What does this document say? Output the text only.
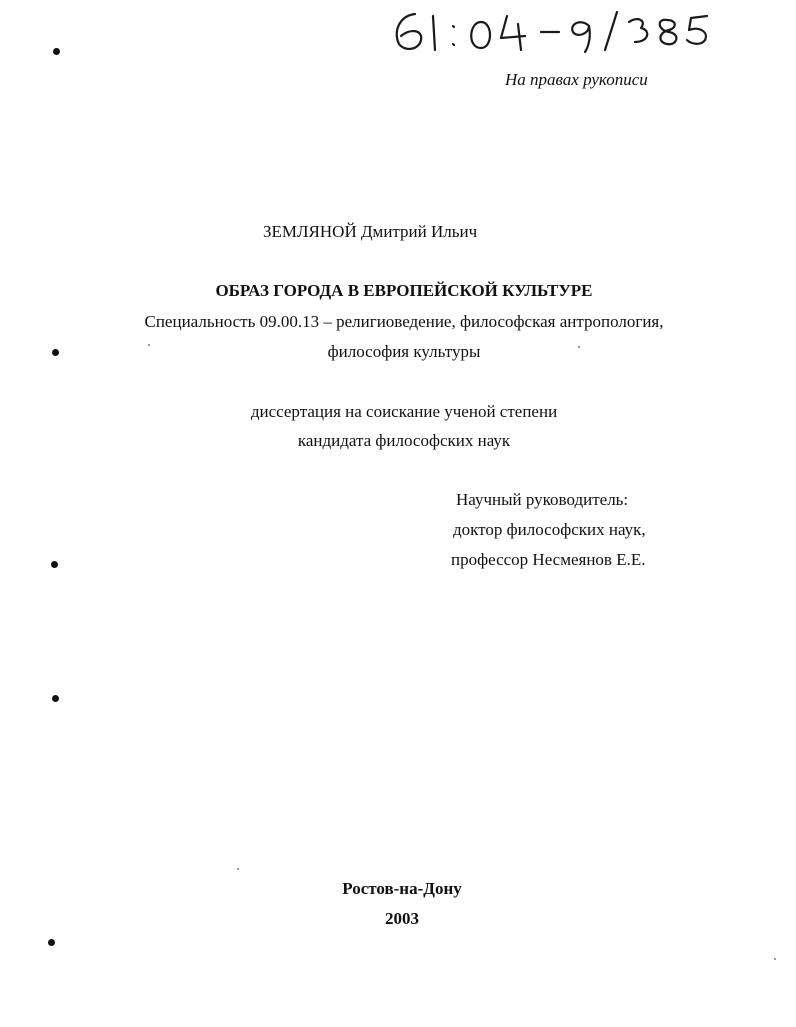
На правах рукописи
ЗЕМЛЯНОЙ Дмитрий Ильич
ОБРАЗ ГОРОДА В ЕВРОПЕЙСКОЙ КУЛЬТУРЕ
Специальность 09.00.13 – религиоведение, философская антропология,
философия культуры
диссертация на соискание ученой степени
кандидата философских наук
Научный руководитель:
доктор философских наук,
профессор Несмеянов Е.Е.
Ростов-на-Дону
2003
